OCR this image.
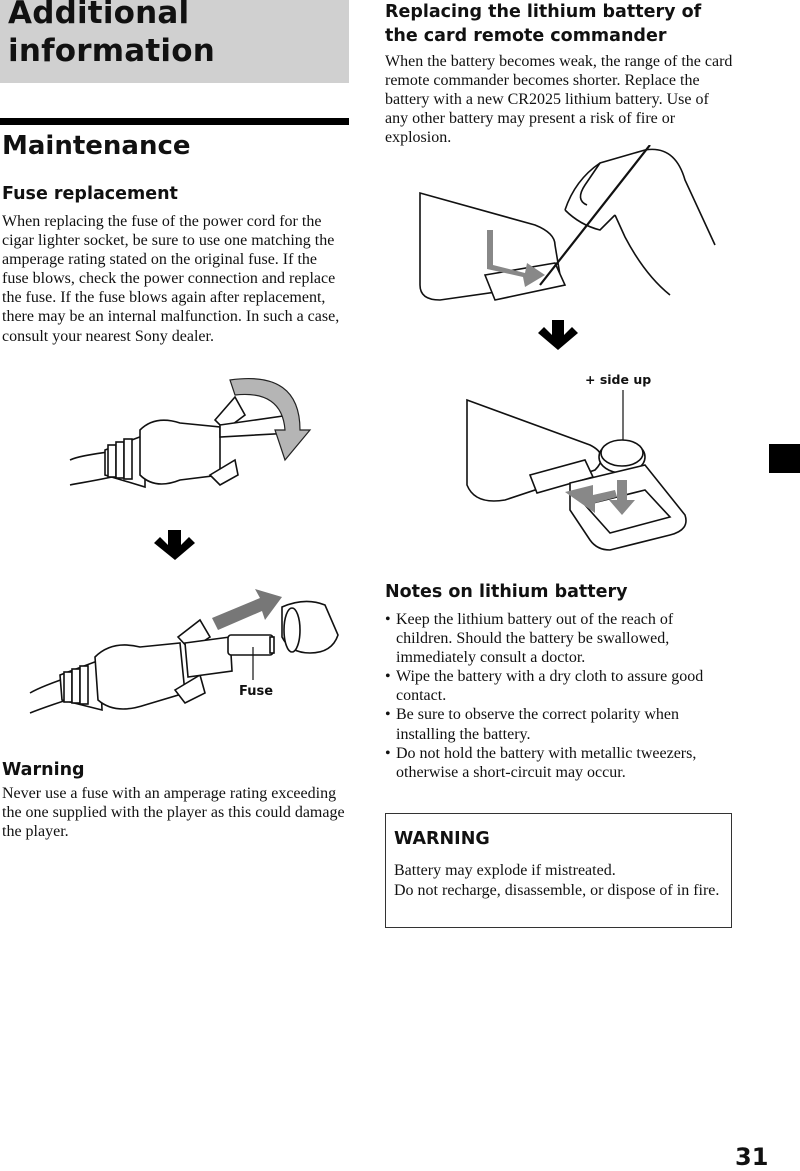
Additional information
Maintenance
Fuse replacement
When replacing the fuse of the power cord for the cigar lighter socket, be sure to use one matching the amperage rating stated on the original fuse. If the fuse blows, check the power connection and replace the fuse. If the fuse blows again after replacement, there may be an internal malfunction. In such a case, consult your nearest Sony dealer.
Fuse
Warning
Never use a fuse with an amperage rating exceeding the one supplied with the player as this could damage the player.
Replacing the lithium battery of the card remote commander
When the battery becomes weak, the range of the card remote commander becomes shorter. Replace the battery with a new CR2025 lithium battery. Use of any other battery may present a risk of fire or explosion.
+ side up
Notes on lithium battery
• Keep the lithium battery out of the reach of children. Should the battery be swallowed, immediately consult a doctor.
• Wipe the battery with a dry cloth to assure good contact.
• Be sure to observe the correct polarity when installing the battery.
• Do not hold the battery with metallic tweezers, otherwise a short-circuit may occur.
WARNING
Battery may explode if mistreated.
Do not recharge, disassemble, or dispose of in fire.
31
